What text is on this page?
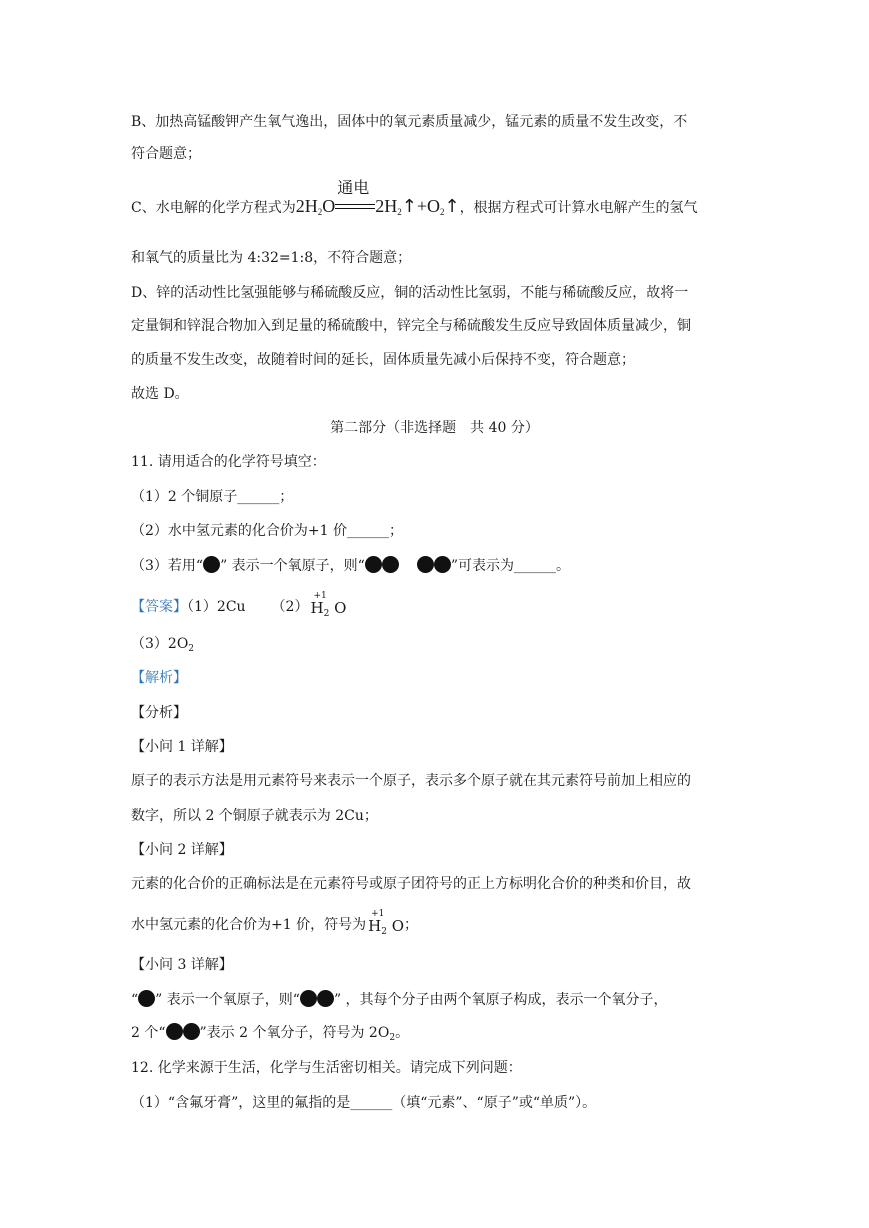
B、加热高锰酸钾产生氧气逸出，固体中的氧元素质量减少，锰元素的质量不发生改变，不
符合题意；
C、水电解的化学方程式为$2H_2O$
通电
$2H_2↑+O_2↑$，根据方程式可计算水电解产生的氢气
和氧气的质量比为 4:32=1:8，不符合题意；
D、锌的活动性比氢强能够与稀硫酸反应，铜的活动性比氢弱，不能与稀硫酸反应，故将一
定量铜和锌混合物加入到足量的稀硫酸中，锌完全与稀硫酸发生反应导致固体质量减少，铜
的质量不发生改变，故随着时间的延长，固体质量先减小后保持不变，符合题意；
故选 D。
第二部分（非选择题　共 40 分）
11. 请用适合的化学符号填空：
（1）2 个铜原子______；
（2）水中氢元素的化合价为+1 价______；
（3）若用“ ” 表示一个氧原子，则“	”可表示为______。
【答案】（1）2Cu （2）
+1
$H_2$ O
$(3)2O_2$
【解析】
【分析】
【小问 1 详解】
原子的表示方法是用元素符号来表示一个原子，表示多个原子就在其元素符号前加上相应的
数字，所以 2 个铜原子就表示为 2Cu；
【小问 2 详解】
元素的化合价的正确标法是在元素符号或原子团符号的正上方标明化合价的种类和价目，故
水中氢元素的化合价为+1 价，符号为
+1
$H_2$ O；
【小问 3 详解】
“ ” 表示一个氧原子，则“ ” ，其每个分子由两个氧原子构成，表示一个氧分子，
2 个“ ”表示 2 个氧分子，符号为 $2O_2$。
12. 化学来源于生活，化学与生活密切相关。请完成下列问题：
（1）“含氟牙膏”，这里的氟指的是______（填“元素”、“原子”或“单质”）。
